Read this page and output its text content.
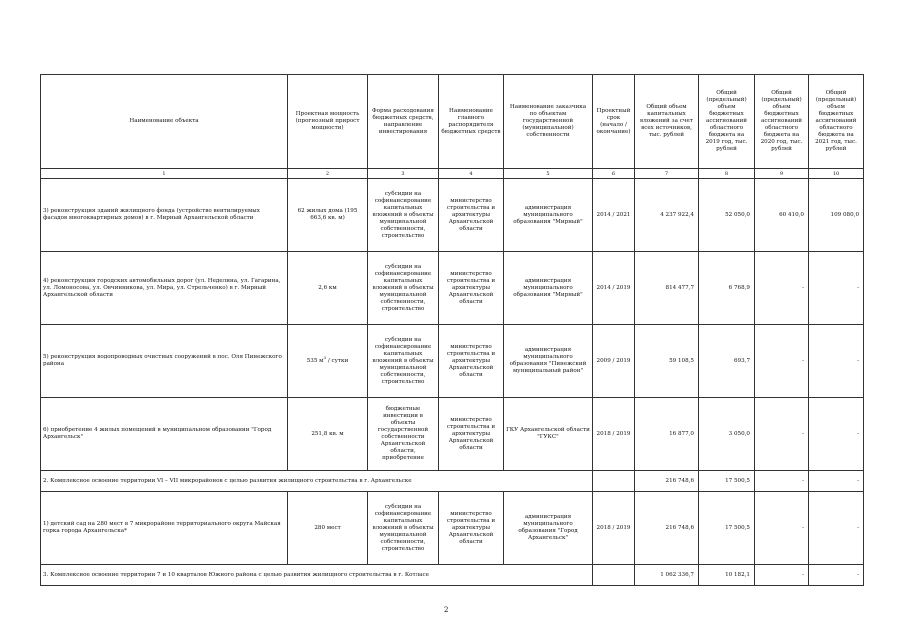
Наименование объекта	Проектная мощность (прогнозный прирост мощности)	Форма расходования бюджетных средств, направление инвестирования	Наименование главного распорядителя бюджетных средств	Наименование заказчика по объектам государственной (муниципальной) собственности	Проектный срок (начало / окончание)	Общий объем капитальных вложений за счет всех источников, тыс. рублей	Общий (предельный) объем бюджетных ассигнований областного бюджета на 2019 год, тыс. рублей	Общий (предельный) объем бюджетных ассигнований областного бюджета на 2020 год, тыс. рублей	Общий (предельный) объем бюджетных ассигнований областного бюджета на 2021 год, тыс. рублей
1	2	3	4	5	6	7	8	9	10
3) реконструкция зданий жилищного фонда (устройство вентилируемых фасадов многоквартирных домов) в г. Мирный Архангельской области	62 жилых дома (195 663,6 кв. м)	субсидии на софинансирование капитальных вложений в объекты муниципальной собственности, строительство	министерство строительства и архитектуры Архангельской области	администрация муниципального образования "Мирный"	2014 / 2021	4 237 922,4	52 050,0	60 410,0	109 080,0
4) реконструкция городских автомобильных дорог (ул. Неделина, ул. Гагарина, ул. Ломоносова, ул. Овчинникова, ул. Мира, ул. Стрельченко) в г. Мирный Архангельской области	2,6 км	субсидии на софинансирование капитальных вложений в объекты муниципальной собственности, строительство	министерство строительства и архитектуры Архангельской области	администрация муниципального образования "Мирный"	2014 / 2019	814 477,7	6 768,9	-	-
5) реконструкция водопроводных очистных сооружений в пос. Оля Пинежского района	535 $м^3$ / сутки	субсидии на софинансирование капитальных вложений в объекты муниципальной собственности, строительство	министерство строительства и архитектуры Архангельской области	администрация муниципального образования "Пинежский муниципальный район"	2009 / 2019	59 108,5	693,7	-	-
6) приобретение 4 жилых помещений в муниципальном образовании "Город Архангельск"	251,8 кв. м	бюджетные инвестиции в объекты государственной собственности Архангельской области, приобретение	министерство строительства и архитектуры Архангельской области	ГКУ Архангельской области "ГУКС"	2018 / 2019	16 877,0	3 050,0	-	-
2. Комплексное освоение территории VI – VII микрорайонов с целью развития жилищного строительства в г. Архангельске						216 748,6	17 500,5	-	-
1) детский сад на 280 мест в 7 микрорайоне территориального округа Майская горка города Архангельска*	280 мест	субсидии на софинансирование капитальных вложений в объекты муниципальной собственности, строительство	министерство строительства и архитектуры Архангельской области	администрация муниципального образования "Город Архангельск"	2018 / 2019	216 748,6	17 500,5	-	-
3. Комплексное освоение территории 7 и 10 кварталов Южного района с целью развития жилищного строительства в г. Котласе						1 062 336,7	10 182,1	-	-
2
